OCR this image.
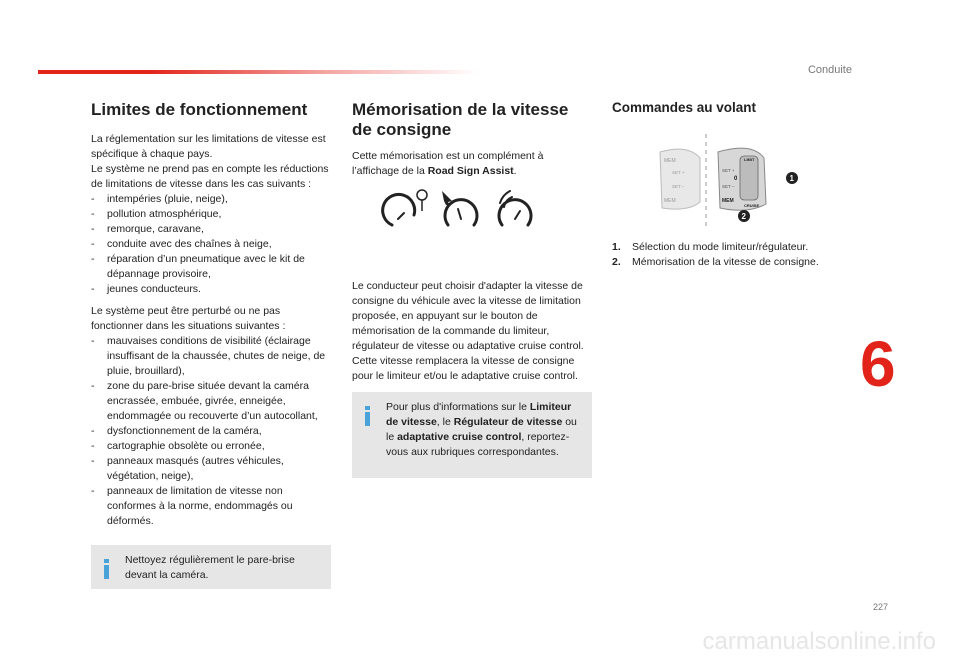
Conduite
6
227
carmanualsonline.info
Limites de fonctionnement

La réglementation sur les limitations de vitesse est spécifique à chaque pays.

Le système ne prend pas en compte les réductions de limitations de vitesse dans les cas suivants :

- intempéries (pluie, neige),
- pollution atmosphérique,
- remorque, caravane,
- conduite avec des chaînes à neige,
- réparation d’un pneumatique avec le kit de dépannage provisoire,
- jeunes conducteurs.

Le système peut être perturbé ou ne pas fonctionner dans les situations suivantes :

- mauvaises conditions de visibilité (éclairage insuffisant de la chaussée, chutes de neige, de pluie, brouillard),
- zone du pare-brise située devant la caméra encrassée, embuée, givrée, enneigée, endommagée ou recouverte d’un autocollant,
- dysfonctionnement de la caméra,
- cartographie obsolète ou erronée,
- panneaux masqués (autres véhicules, végétation, neige),
- panneaux de limitation de vitesse non conformes à la norme, endommagés ou déformés.

Nettoyez régulièrement le pare-brise devant la caméra.

Mémorisation de la vitesse
de consigne

Cette mémorisation est un complément à l’affichage de la Road Sign Assist.

Le conducteur peut choisir d'adapter la vitesse de consigne du véhicule avec la vitesse de limitation proposée, en appuyant sur le bouton de mémorisation de la commande du limiteur, régulateur de vitesse ou adaptative cruise control.

Cette vitesse remplacera la vitesse de consigne pour le limiteur et/ou le adaptative cruise control.

Pour plus d'informations sur le Limiteur de vitesse, le Régulateur de vitesse ou le adaptative cruise control, reportez-vous aux rubriques correspondantes.

Commandes au volant
MEM
SET +
SET –
MEM
LIMIT
0
SET +
SET –
MEM
CRUISE
1
2

1.	Sélection du mode limiteur/régulateur.

2.	Mémorisation de la vitesse de consigne.
